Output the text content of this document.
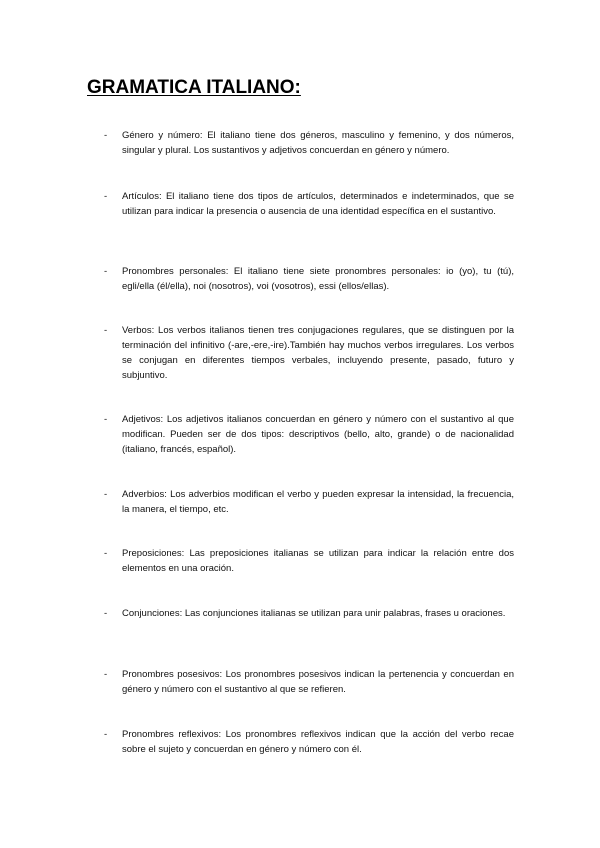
GRAMATICA ITALIANO:
- Género y número: El italiano tiene dos géneros, masculino y femenino, y dos números, singular y plural. Los sustantivos y adjetivos concuerdan en género y número.

- Artículos: El italiano tiene dos tipos de artículos, determinados e indeterminados, que se utilizan para indicar la presencia o ausencia de una identidad específica en el sustantivo.

- Pronombres personales: El italiano tiene siete pronombres personales: io (yo), tu (tú), egli/ella (él/ella), noi (nosotros), voi (vosotros), essi (ellos/ellas).

- Verbos: Los verbos italianos tienen tres conjugaciones regulares, que se distinguen por la terminación del infinitivo (-are,-ere,-ire).También hay muchos verbos irregulares. Los verbos se conjugan en diferentes tiempos verbales, incluyendo presente, pasado, futuro y subjuntivo.

- Adjetivos: Los adjetivos italianos concuerdan en género y número con el sustantivo al que modifican. Pueden ser de dos tipos: descriptivos (bello, alto, grande) o de nacionalidad (italiano, francés, español).

- Adverbios: Los adverbios modifican el verbo y pueden expresar la intensidad, la frecuencia, la manera, el tiempo, etc.

- Preposiciones: Las preposiciones italianas se utilizan para indicar la relación entre dos elementos en una oración.

- Conjunciones: Las conjunciones italianas se utilizan para unir palabras, frases u oraciones.

- Pronombres posesivos: Los pronombres posesivos indican la pertenencia y concuerdan en género y número con el sustantivo al que se refieren.

- Pronombres reflexivos: Los pronombres reflexivos indican que la acción del verbo recae sobre el sujeto y concuerdan en género y número con él.
